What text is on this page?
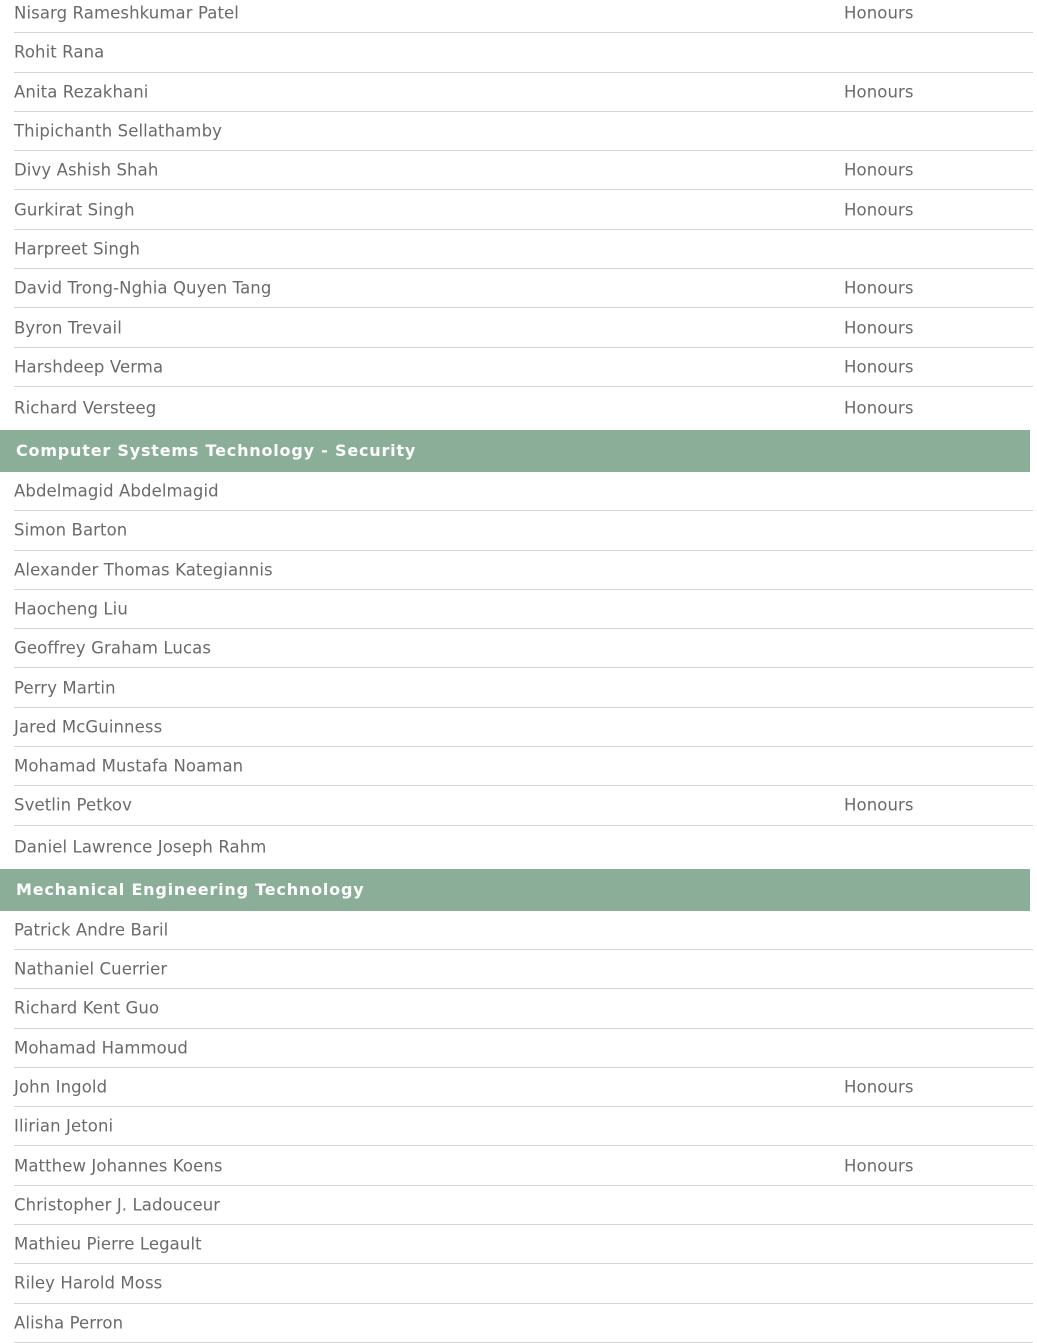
Nisarg Rameshkumar Patel	Honours
Rohit Rana
Anita Rezakhani	Honours
Thipichanth Sellathamby
Divy Ashish Shah	Honours
Gurkirat Singh	Honours
Harpreet Singh
David Trong-Nghia Quyen Tang	Honours
Byron Trevail	Honours
Harshdeep Verma	Honours
Richard Versteeg	Honours
Computer Systems Technology - Security
Abdelmagid Abdelmagid
Simon Barton
Alexander Thomas Kategiannis
Haocheng Liu
Geoffrey Graham Lucas
Perry Martin
Jared McGuinness
Mohamad Mustafa Noaman
Svetlin Petkov	Honours
Daniel Lawrence Joseph Rahm
Mechanical Engineering Technology
Patrick Andre Baril
Nathaniel Cuerrier
Richard Kent Guo
Mohamad Hammoud
John Ingold	Honours
Ilirian Jetoni
Matthew Johannes Koens	Honours
Christopher J. Ladouceur
Mathieu Pierre Legault
Riley Harold Moss
Alisha Perron
